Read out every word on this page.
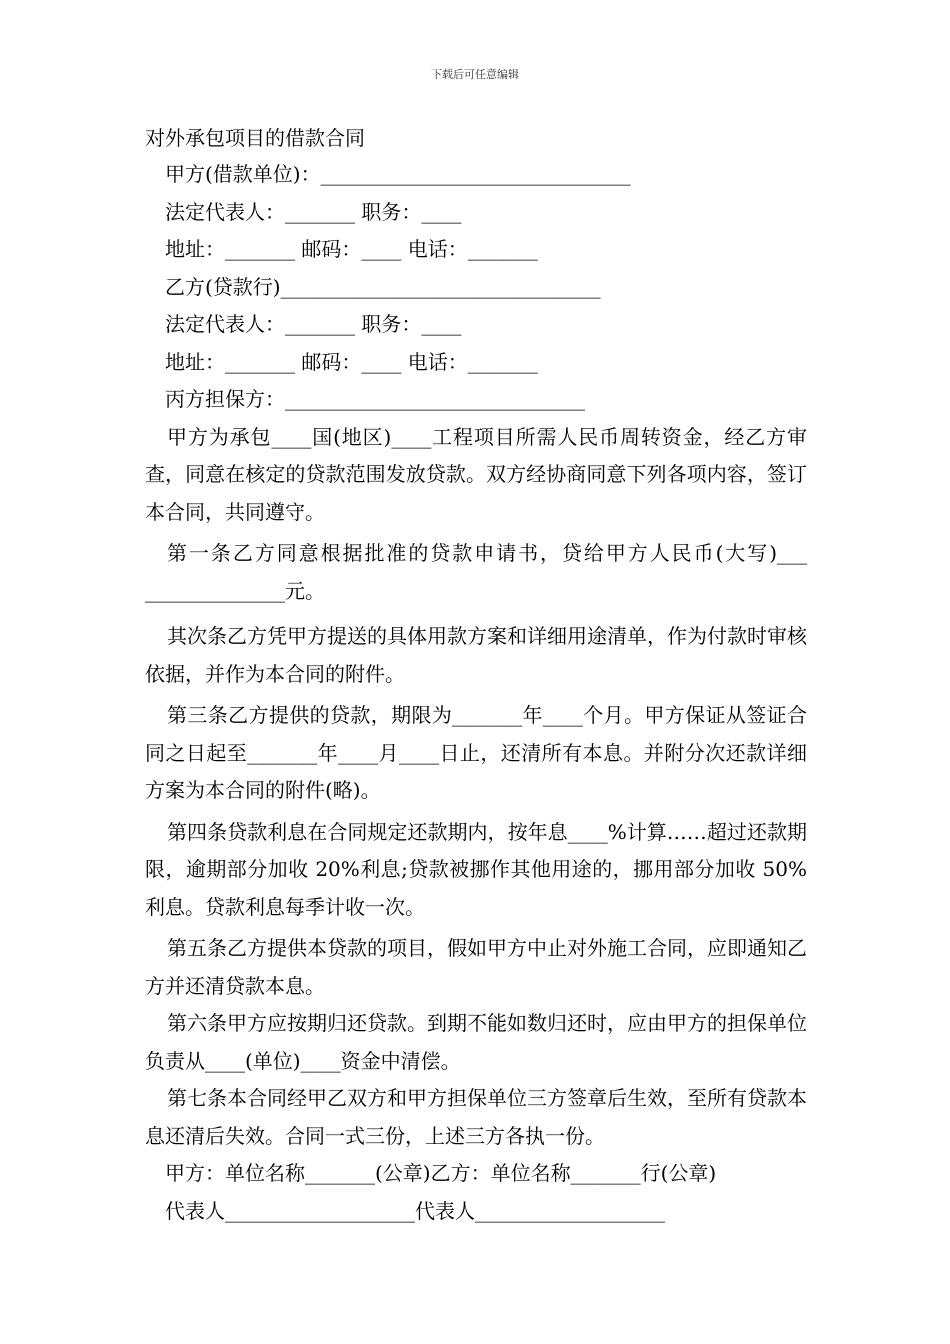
下载后可任意编辑
对外承包项目的借款合同
甲方(借款单位)：_______________________________
法定代表人：_______ 职务：____
地址：_______ 邮码：____ 电话：_______
乙方(贷款行)________________________________
法定代表人：_______ 职务：____
地址：_______ 邮码：____ 电话：_______
丙方担保方：______________________________

甲方为承包____国(地区)____工程项目所需人民币周转资金，经乙方审查，同意在核定的贷款范围发放贷款。双方经协商同意下列各项内容，签订本合同，共同遵守。

第一条乙方同意根据批准的贷款申请书，贷给甲方人民币(大写)___ ______________元。

其次条乙方凭甲方提送的具体用款方案和详细用途清单，作为付款时审核依据，并作为本合同的附件。

第三条乙方提供的贷款，期限为_______年____个月。甲方保证从签证合同之日起至_______年____月____日止，还清所有本息。并附分次还款详细方案为本合同的附件(略)。

第四条贷款利息在合同规定还款期内，按年息____%计算……超过还款期限，逾期部分加收 20%利息;贷款被挪作其他用途的，挪用部分加收 50%利息。贷款利息每季计收一次。

第五条乙方提供本贷款的项目，假如甲方中止对外施工合同，应即通知乙方并还清贷款本息。

第六条甲方应按期归还贷款。到期不能如数归还时，应由甲方的担保单位负责从____(单位)____资金中清偿。

第七条本合同经甲乙双方和甲方担保单位三方签章后生效，至所有贷款本息还清后失效。合同一式三份，上述三方各执一份。

甲方：单位名称_______(公章)乙方：单位名称_______行(公章)
代表人___________________代表人___________________
